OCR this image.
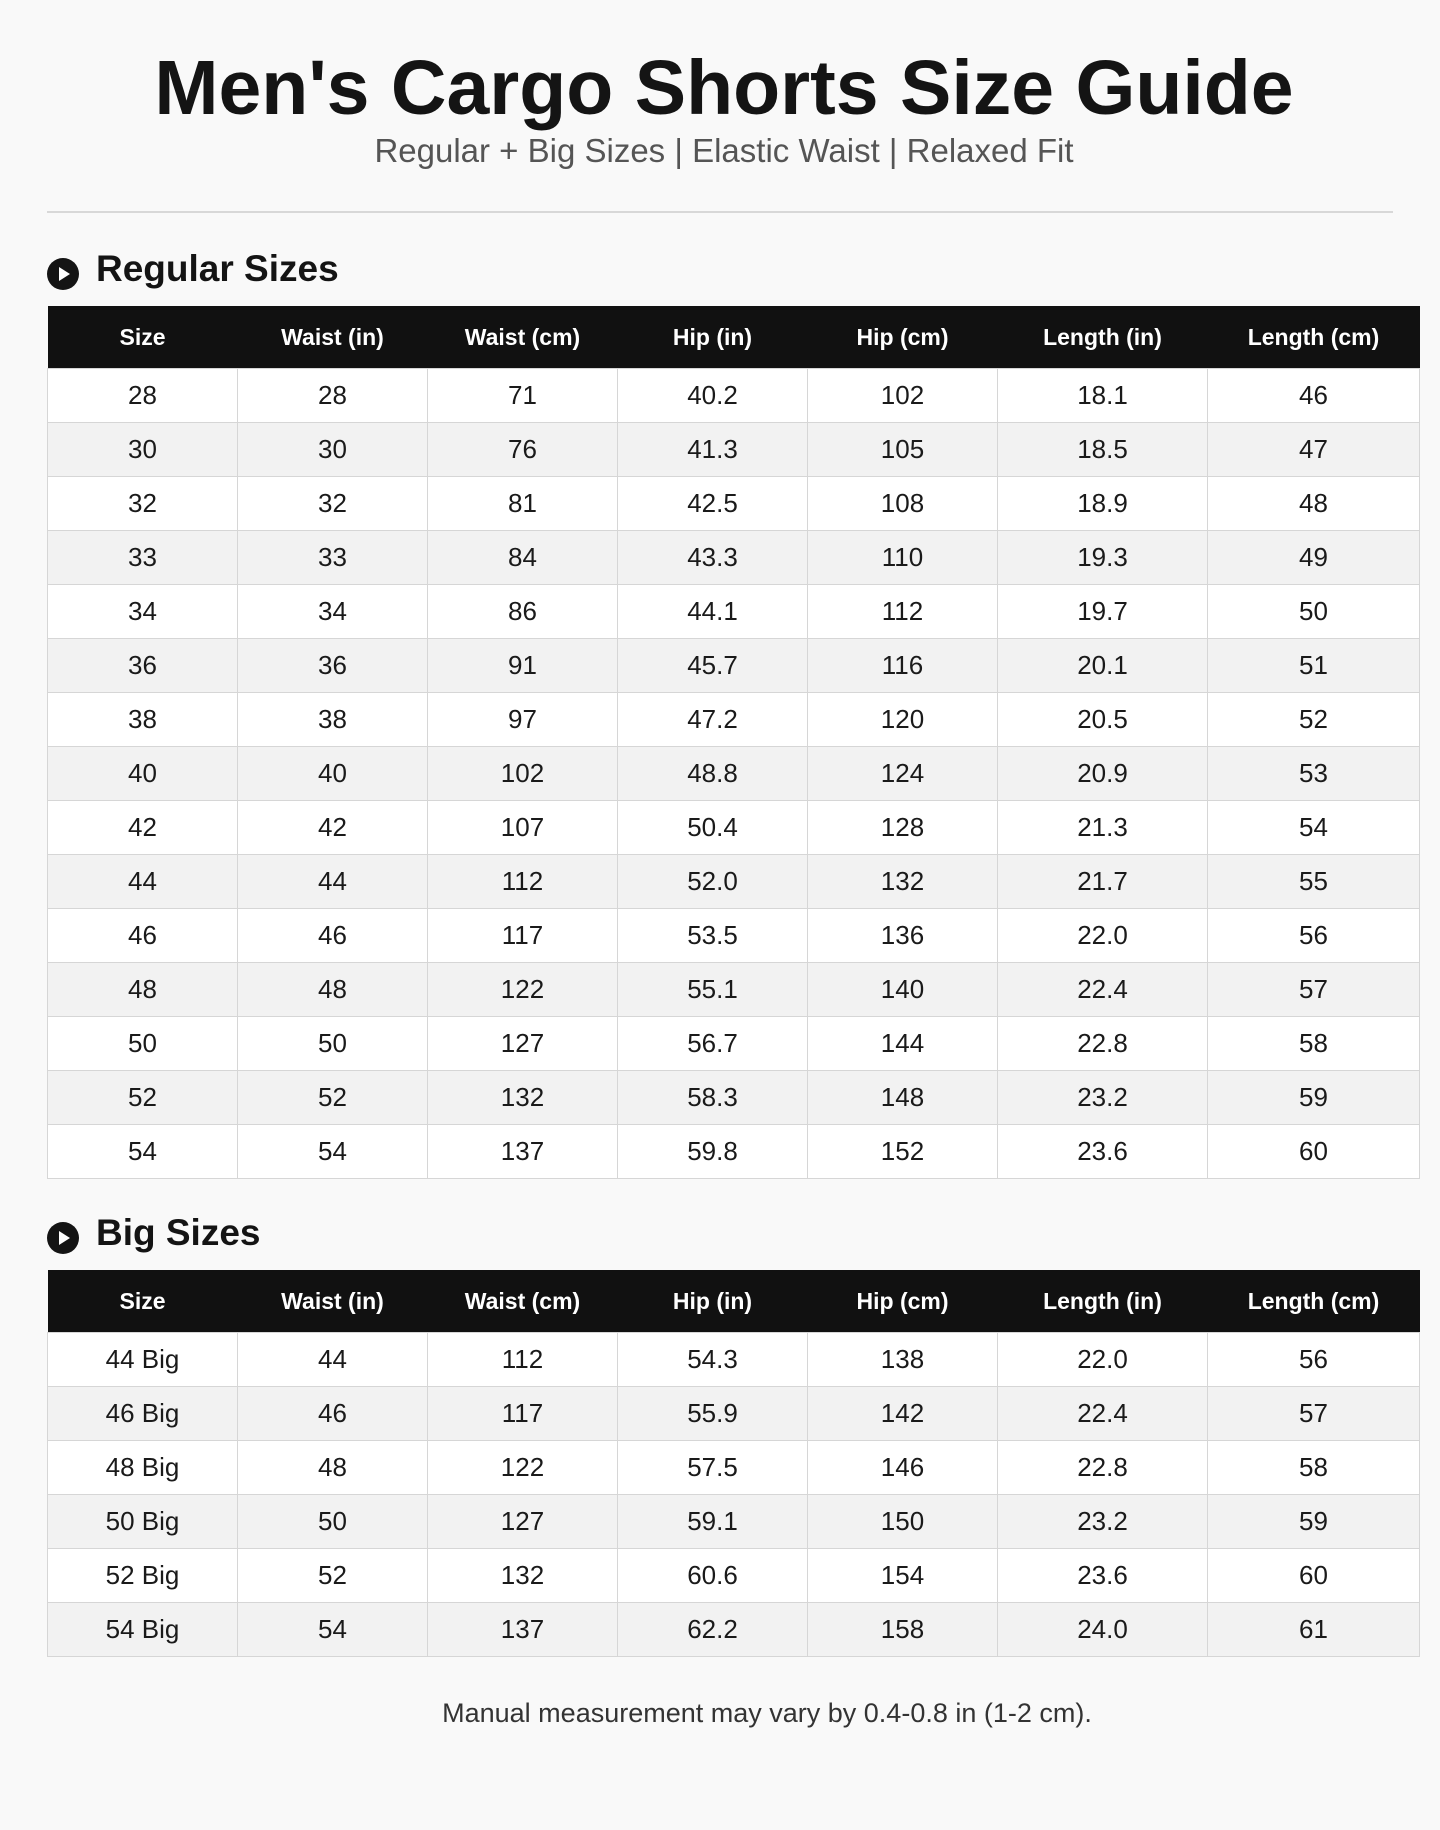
Men's Cargo Shorts Size Guide
Regular + Big Sizes | Elastic Waist | Relaxed Fit
Regular Sizes
Size	Waist (in)	Waist (cm)	Hip (in)	Hip (cm)	Length (in)	Length (cm)
28	28	71	40.2	102	18.1	46
30	30	76	41.3	105	18.5	47
32	32	81	42.5	108	18.9	48
33	33	84	43.3	110	19.3	49
34	34	86	44.1	112	19.7	50
36	36	91	45.7	116	20.1	51
38	38	97	47.2	120	20.5	52
40	40	102	48.8	124	20.9	53
42	42	107	50.4	128	21.3	54
44	44	112	52.0	132	21.7	55
46	46	117	53.5	136	22.0	56
48	48	122	55.1	140	22.4	57
50	50	127	56.7	144	22.8	58
52	52	132	58.3	148	23.2	59
54	54	137	59.8	152	23.6	60
Big Sizes
Size	Waist (in)	Waist (cm)	Hip (in)	Hip (cm)	Length (in)	Length (cm)
44 Big	44	112	54.3	138	22.0	56
46 Big	46	117	55.9	142	22.4	57
48 Big	48	122	57.5	146	22.8	58
50 Big	50	127	59.1	150	23.2	59
52 Big	52	132	60.6	154	23.6	60
54 Big	54	137	62.2	158	24.0	61
Manual measurement may vary by 0.4-0.8 in (1-2 cm).
